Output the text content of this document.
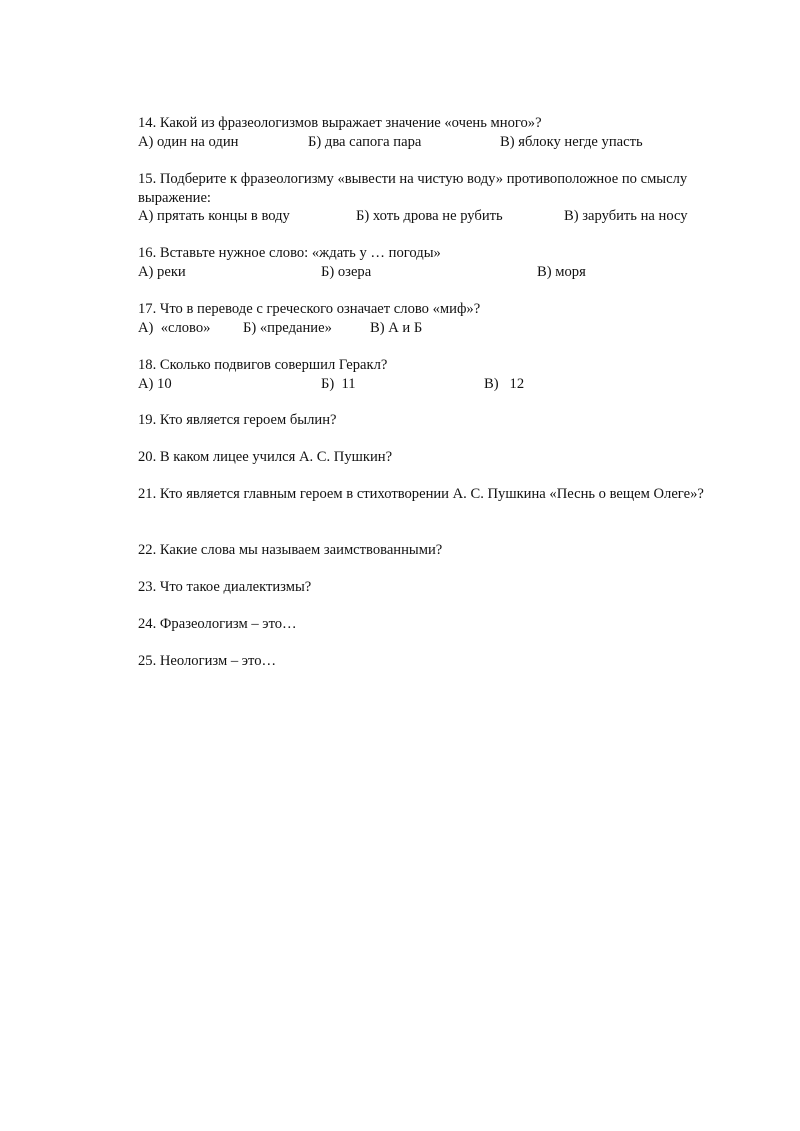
14. Какой из фразеологизмов выражает значение «очень много»?
А) один на один	Б) два сапога пара	В) яблоку негде упасть
15. Подберите к фразеологизму «вывести на чистую воду» противоположное по смыслу выражение:
А) прятать концы в воду	Б) хоть дрова не рубить	В) зарубить на носу
16. Вставьте нужное слово: «ждать у … погоды»
А) реки	Б) озера	В) моря
17. Что в переводе с греческого означает слово «миф»?
А)  «слово» Б) «предание»	В) А и Б
18. Сколько подвигов совершил Геракл?
А) 10	Б)  11	В)   12
19. Кто является героем былин?
20. В каком лицее учился А. С. Пушкин?
21. Кто является главным героем в стихотворении А. С. Пушкина «Песнь о вещем Олеге»?
22. Какие слова мы называем заимствованными?
23. Что такое диалектизмы?
24. Фразеологизм – это…
25. Неологизм – это…
